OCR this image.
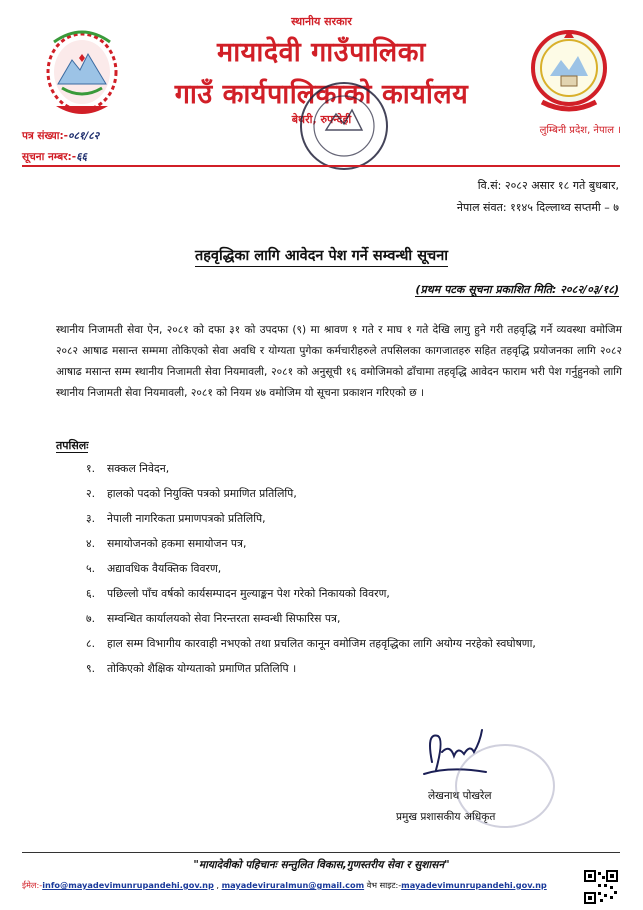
स्थानीय सरकार
मायादेवी गाउँपालिका
गाउँ कार्यपालिकाको कार्यालय
बेथरी, रुपन्देही
लुम्बिनी प्रदेश, नेपाल ।
पत्र संख्या:-०८१/८२
सूचना नम्बर:-६६
वि.सं: २०८२ असार १८ गते बुधबार,
नेपाल संवत: ११४५ दिल्लाथ्व सप्तमी – ७
तहवृद्धिका लागि आवेदन पेश गर्ने सम्वन्धी सूचना
(प्रथम पटक सूचना प्रकाशित मिति: २०८२/०३/१८)
स्थानीय निजामती सेवा ऐन, २०८१ को दफा ३१ को उपदफा (९) मा श्रावण १ गते र माघ १ गते देखि लागु हुने गरी तहवृद्धि गर्ने व्यवस्था वमोजिम २०८२ आषाढ मसान्त सम्ममा तोकिएको सेवा अवधि र योग्यता पुगेका कर्मचारीहरुले तपसिलका कागजातहरु सहित तहवृद्धि प्रयोजनका लागि २०८२ आषाढ मसान्त सम्म स्थानीय निजामती सेवा नियमावली, २०८१ को अनुसूची १६ वमोजिमको ढाँचामा तहवृद्धि आवेदन फाराम भरी पेश गर्नुहुनको लागि स्थानीय निजामती सेवा नियमावली, २०८१ को नियम ४७ वमोजिम यो सूचना प्रकाशन गरिएको छ ।
तपसिलः
१. सक्कल निवेदन,
२. हालको पदको नियुक्ति पत्रको प्रमाणित प्रतिलिपि,
३. नेपाली नागरिकता प्रमाणपत्रको प्रतिलिपि,
४. समायोजनको हकमा समायोजन पत्र,
५. अद्यावधिक वैयक्तिक विवरण,
६. पछिल्लो पाँच वर्षको कार्यसम्पादन मुल्याङ्कन पेश गरेको निकायको विवरण,
७. सम्वन्धित कार्यालयको सेवा निरन्तरता सम्वन्धी सिफारिस पत्र,
८. हाल सम्म विभागीय कारवाही नभएको तथा प्रचलित कानून वमोजिम तहवृद्धिका लागि अयोग्य नरहेको स्वघोषणा,
९. तोकिएको शैक्षिक योग्यताको प्रमाणित प्रतिलिपि ।
लेखनाथ पोखरेल
प्रमुख प्रशासकीय अधिकृत
"मायादेवीको पहिचानः सन्तुलित विकास,गुणस्तरीय सेवा र सुशासन"
ईमेल:-info@mayadevimunrupandehi.gov.np , mayadeviruralmun@gmail.com वेभ साइट:-mayadevimunrupandehi.gov.np
